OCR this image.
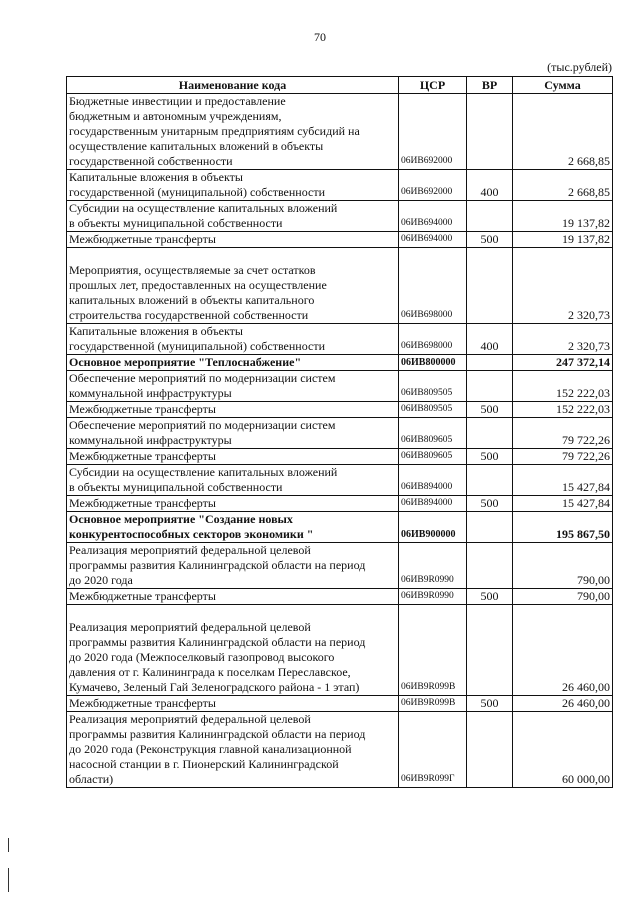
70
(тыс.рублей)
Наименование кода	ЦСР	ВР	Сумма
Бюджетные инвестиции и предоставление
бюджетным и автономным учреждениям,
государственным унитарным предприятиям субсидий на
осуществление капитальных вложений в объекты
государственной собственности	06ИВ692000		2 668,85
Капитальные вложения в объекты
государственной (муниципальной) собственности	06ИВ692000	400	2 668,85
Субсидии на осуществление капитальных вложений
в объекты муниципальной собственности	06ИВ694000		19 137,82
Межбюджетные трансферты	06ИВ694000	500	19 137,82

Мероприятия, осуществляемые за счет остатков
прошлых лет, предоставленных на осуществление
капитальных вложений в объекты капитального
строительства государственной собственности	06ИВ698000		2 320,73
Капитальные вложения в объекты
государственной (муниципальной) собственности	06ИВ698000	400	2 320,73
Основное мероприятие "Теплоснабжение"	06ИВ800000		247 372,14
Обеспечение мероприятий по модернизации систем
коммунальной инфраструктуры	06ИВ809505		152 222,03
Межбюджетные трансферты	06ИВ809505	500	152 222,03
Обеспечение мероприятий по модернизации систем
коммунальной инфраструктуры	06ИВ809605		79 722,26
Межбюджетные трансферты	06ИВ809605	500	79 722,26
Субсидии на осуществление капитальных вложений
в объекты муниципальной собственности	06ИВ894000		15 427,84
Межбюджетные трансферты	06ИВ894000	500	15 427,84
Основное мероприятие "Создание новых
конкурентоспособных секторов экономики "	06ИВ900000		195 867,50
Реализация мероприятий федеральной целевой
программы развития Калининградской области на период
до 2020 года	06ИВ9R0990		790,00
Межбюджетные трансферты	06ИВ9R0990	500	790,00

Реализация мероприятий федеральной целевой
программы развития Калининградской области на период
до 2020 года (Межпоселковый газопровод высокого
давления от г. Калининграда к поселкам Переславское,
Кумачево, Зеленый Гай Зеленоградского района - 1 этап)	06ИВ9R099В		26 460,00
Межбюджетные трансферты	06ИВ9R099В	500	26 460,00
Реализация мероприятий федеральной целевой
программы развития Калининградской области на период
до 2020 года (Реконструкция главной канализационной
насосной станции в г. Пионерский Калининградской
области)	06ИВ9R099Г		60 000,00
